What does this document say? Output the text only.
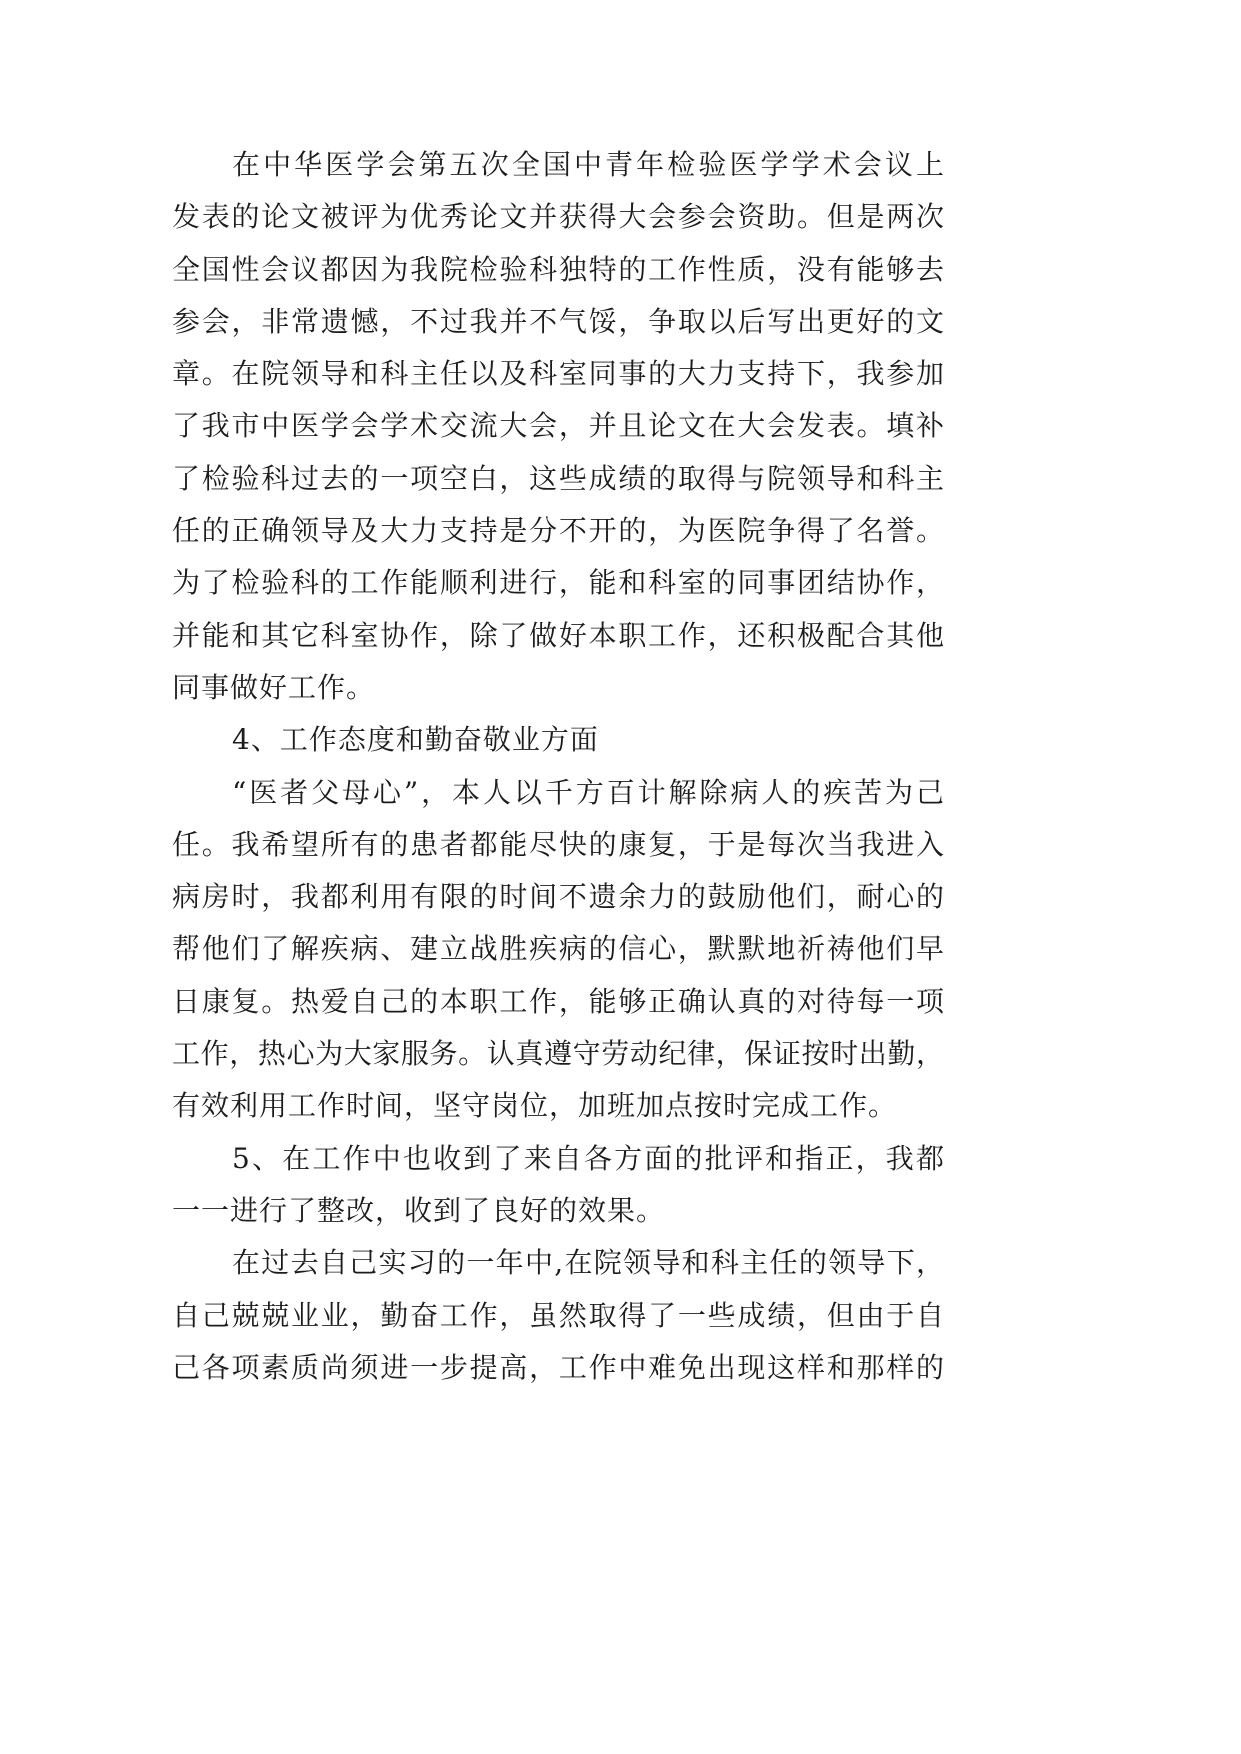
在中华医学会第五次全国中青年检验医学学术会议上
发表的论文被评为优秀论文并获得大会参会资助。但是两次
全国性会议都因为我院检验科独特的工作性质，没有能够去
参会，非常遗憾，不过我并不气馁，争取以后写出更好的文
章。在院领导和科主任以及科室同事的大力支持下，我参加
了我市中医学会学术交流大会，并且论文在大会发表。填补
了检验科过去的一项空白，这些成绩的取得与院领导和科主
任的正确领导及大力支持是分不开的，为医院争得了名誉。
为了检验科的工作能顺利进行，能和科室的同事团结协作，
并能和其它科室协作，除了做好本职工作，还积极配合其他
同事做好工作。
4、工作态度和勤奋敬业方面
“医者父母心”，本人以千方百计解除病人的疾苦为己
任。我希望所有的患者都能尽快的康复，于是每次当我进入
病房时，我都利用有限的时间不遗余力的鼓励他们，耐心的
帮他们了解疾病、建立战胜疾病的信心，默默地祈祷他们早
日康复。热爱自己的本职工作，能够正确认真的对待每一项
工作，热心为大家服务。认真遵守劳动纪律，保证按时出勤，
有效利用工作时间，坚守岗位，加班加点按时完成工作。
5、在工作中也收到了来自各方面的批评和指正，我都
一一进行了整改，收到了良好的效果。
在过去自己实习的一年中,在院领导和科主任的领导下，
自己兢兢业业，勤奋工作，虽然取得了一些成绩，但由于自
己各项素质尚须进一步提高，工作中难免出现这样和那样的
